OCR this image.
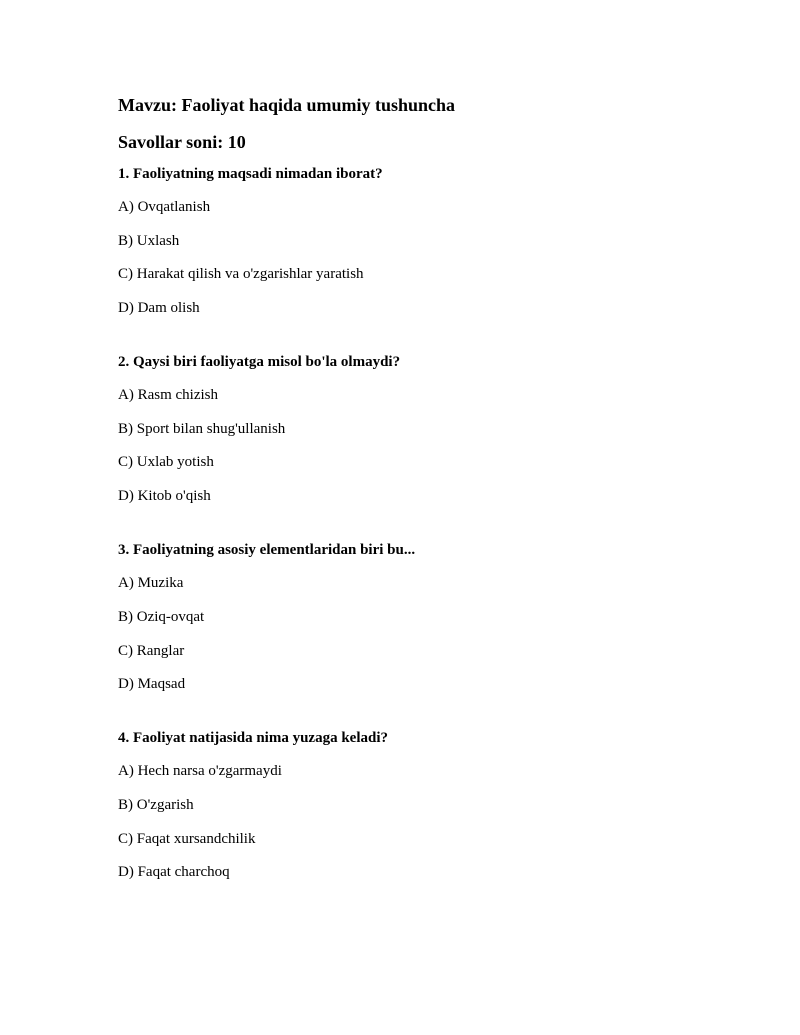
Mavzu: Faoliyat haqida umumiy tushuncha
Savollar soni: 10
1. Faoliyatning maqsadi nimadan iborat?
A) Ovqatlanish
B) Uxlash
C) Harakat qilish va o'zgarishlar yaratish
D) Dam olish
2. Qaysi biri faoliyatga misol bo'la olmaydi?
A) Rasm chizish
B) Sport bilan shug'ullanish
C) Uxlab yotish
D) Kitob o'qish
3. Faoliyatning asosiy elementlaridan biri bu...
A) Muzika
B) Oziq-ovqat
C) Ranglar
D) Maqsad
4. Faoliyat natijasida nima yuzaga keladi?
A) Hech narsa o'zgarmaydi
B) O'zgarish
C) Faqat xursandchilik
D) Faqat charchoq
